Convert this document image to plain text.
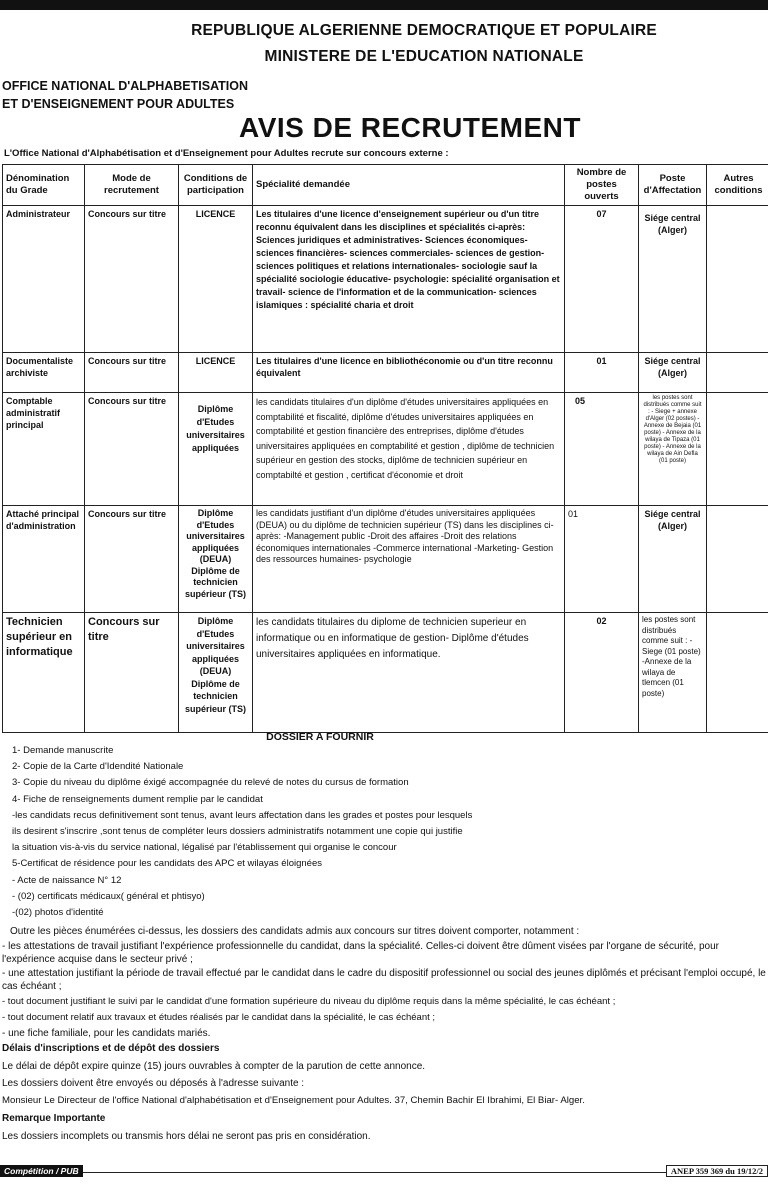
REPUBLIQUE ALGERIENNE DEMOCRATIQUE ET POPULAIRE
MINISTERE DE L'EDUCATION NATIONALE
OFFICE NATIONAL D'ALPHABETISATION
ET D'ENSEIGNEMENT POUR ADULTES
AVIS DE RECRUTEMENT
L'Office National d'Alphabétisation et d'Enseignement pour Adultes recrute sur concours externe :
Dénomination du Grade	Mode de recrutement	Conditions de participation	Spécialité demandée	Nombre de postes ouverts	Poste d'Affectation	Autres conditions
Administrateur	Concours sur titre	LICENCE	Les titulaires d'une licence d'enseignement supérieur ou d'un titre reconnu équivalent dans les disciplines et spécialités ci-après: Sciences juridiques et administratives- Sciences économiques- sciences financières- sciences commerciales- sciences de gestion- sciences politiques et relations internationales- sociologie sauf la spécialité sociologie éducative- psychologie: spécialité organisation et travail- science de l'information et de la communication- sciences islamiques : spécialité charia et droit	07	Siége central (Alger)	
Documentaliste archiviste	Concours sur titre	LICENCE	Les titulaires d'une licence en bibliothéconomie ou d'un titre reconnu équivalent	01	Siége central (Alger)	
Comptable administratif principal	Concours sur titre	Diplôme d'Etudes universitaires appliquées	les candidats titulaires d'un diplôme d'études universitaires appliquées en comptabilité et fiscalité, diplôme d'études universitaires appliquées en comptabilité et gestion financière des entreprises, diplôme d'études universitaires appliquées en comptabilité et gestion , diplôme de technicien supérieur en gestion des stocks, diplôme de technicien supérieur en comptabilté et gestion , certificat d'économie et droit	05	les postes sont distribués comme suit : - Siege + annexe d'Alger (02 postes) - Annexe de Bejaia (01 poste) - Annexe de la wilaya de Tipaza (01 poste) - Annexe de la wilaya de Ain Defla (01 poste)	
Attaché principal d'administration	Concours sur titre	Diplôme d'Etudes universitaires appliquées (DEUA) Diplôme de technicien supérieur (TS)	les candidats justifiant d'un diplôme d'études universitaires appliquées (DEUA) ou du diplôme de technicien supérieur (TS) dans les disciplines ci-après: -Management public -Droit des affaires -Droit des relations économiques internationales -Commerce international -Marketing- Gestion des ressources humaines- psychologie	01	Siége central (Alger)	
Technicien supérieur en informatique	Concours sur titre	Diplôme d'Etudes universitaires appliquées (DEUA) Diplôme de technicien supérieur (TS)	les candidats titulaires du diplome de technicien superieur en informatique ou en informatique de gestion- Diplôme d'études universitaires appliquées en informatique.	02	les postes sont distribués comme suit : - Siege (01 poste) -Annexe de la wilaya de tlemcen (01 poste)	
DOSSIER A FOURNIR
1- Demande manuscrite
2- Copie de la Carte d'Idendité Nationale
3- Copie du niveau du diplôme éxigé accompagnée du relevé de notes du cursus de formation
4- Fiche de renseignements dument remplie par le candidat
-les candidats recus definitivement sont tenus, avant leurs affectation dans les grades et postes pour lesquels
ils desirent s'inscrire ,sont tenus de compléter leurs dossiers administratifs notamment une copie qui justifie
la situation vis-à-vis du service national, légalisé par l'établissement qui organise le concour
5-Certificat de résidence pour les candidats des APC et wilayas éloignées
- Acte de naissance N° 12
- (02) certificats médicaux( général et phtisyo)
-(02) photos d'identité
Outre les pièces énumérées ci-dessus, les dossiers des candidats admis aux concours sur titres doivent comporter, notamment :
- les attestations de travail justifiant l'expérience professionnelle du candidat, dans la spécialité. Celles-ci doivent être dûment visées par l'organe de sécurité, pour l'expérience acquise dans le secteur privé ;
- une attestation justifiant la période de travail effectué par le candidat dans le cadre du dispositif professionnel ou social des jeunes diplômés et précisant l'emploi occupé, le cas échéant ;
- tout document justifiant le suivi par le candidat d'une formation supérieure du niveau du diplôme requis dans la même spécialité, le cas échéant ;
- tout document relatif aux travaux et études réalisés par le candidat dans la spécialité, le cas échéant ;
- une fiche familiale, pour les candidats mariés.
Délais d'inscriptions et de dépôt des dossiers
Le délai de dépôt expire quinze (15) jours ouvrables à compter de la parution de cette annonce.
Les dossiers doivent être envoyés ou déposés à l'adresse suivante :
Monsieur Le Directeur de l'office National d'alphabétisation et d'Enseignement pour Adultes. 37, Chemin Bachir El Ibrahimi, El Biar- Alger.
Remarque Importante
Les dossiers incomplets ou transmis hors délai ne seront pas pris en considération.
Compétition / PUB	ANEP 359 369 du 19/12/2
